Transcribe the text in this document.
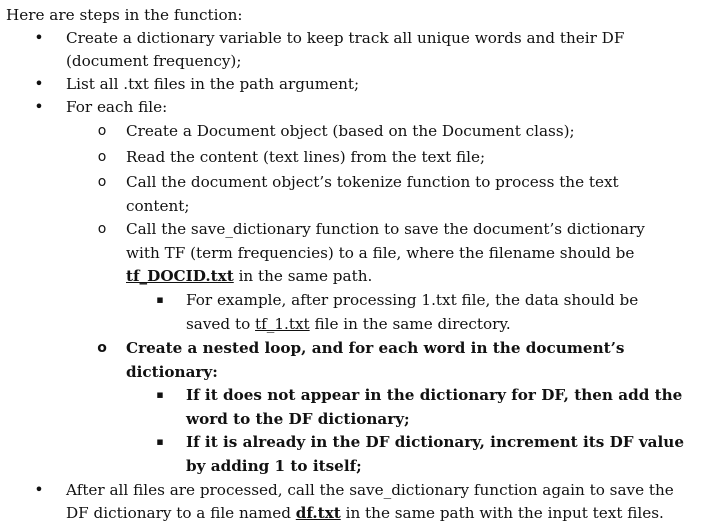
Here are steps in the function:
• Create a dictionary variable to keep track all unique words and their DF
(document frequency);
• List all .txt files in the path argument;
• For each file:
o Create a Document object (based on the Document class);
o Read the content (text lines) from the text file;
o Call the document object’s tokenize function to process the text
content;
o Call the save_dictionary function to save the document’s dictionary
with TF (term frequencies) to a file, where the filename should be
tf_DOCID.txt in the same path.
▪ For example, after processing 1.txt file, the data should be
saved to tf_1.txt file in the same directory.
o Create a nested loop, and for each word in the document’s
dictionary:
▪ If it does not appear in the dictionary for DF, then add the
word to the DF dictionary;
▪ If it is already in the DF dictionary, increment its DF value
by adding 1 to itself;
• After all files are processed, call the save_dictionary function again to save the
DF dictionary to a file named df.txt in the same path with the input text files.
